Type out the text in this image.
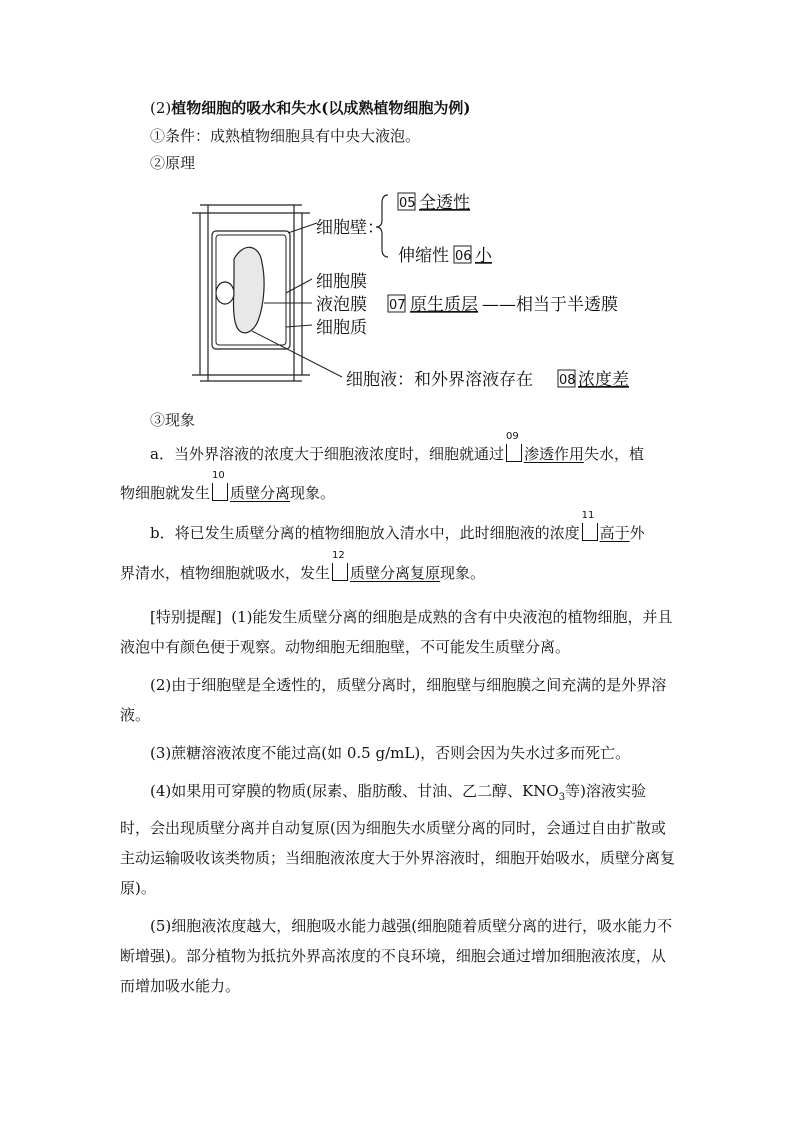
(2)植物细胞的吸水和失水(以成熟植物细胞为例)
①条件：成熟植物细胞具有中央大液泡。
②原理
细胞壁：
05 全透性
伸缩性 06 小
细胞膜
液泡膜
细胞质
07 原生质层 ——相当于半透膜
细胞液：和外界溶液存在 08 浓度差
③现象
a．当外界溶液的浓度大于细胞液浓度时，细胞就通过
09
渗透作用失水，植
物细胞就发生
10
质壁分离现象。
b．将已发生质壁分离的植物细胞放入清水中，此时细胞液的浓度
11
高于外
界清水，植物细胞就吸水，发生
12
质壁分离复原现象。

[特别提醒] (1)能发生质壁分离的细胞是成熟的含有中央液泡的植物细胞，并且液泡中有颜色便于观察。动物细胞无细胞壁，不可能发生质壁分离。

(2)由于细胞壁是全透性的，质壁分离时，细胞壁与细胞膜之间充满的是外界溶液。

(3)蔗糖溶液浓度不能过高(如 0.5 g/mL)，否则会因为失水过多而死亡。

(4)如果用可穿膜的物质(尿素、脂肪酸、甘油、乙二醇、$KNO_3$等)溶液实验时，会出现质壁分离并自动复原(因为细胞失水质壁分离的同时，会通过自由扩散或主动运输吸收该类物质；当细胞液浓度大于外界溶液时，细胞开始吸水，质壁分离复原)。

(5)细胞液浓度越大，细胞吸水能力越强(细胞随着质壁分离的进行，吸水能力不断增强)。部分植物为抵抗外界高浓度的不良环境，细胞会通过增加细胞液浓度，从而增加吸水能力。
